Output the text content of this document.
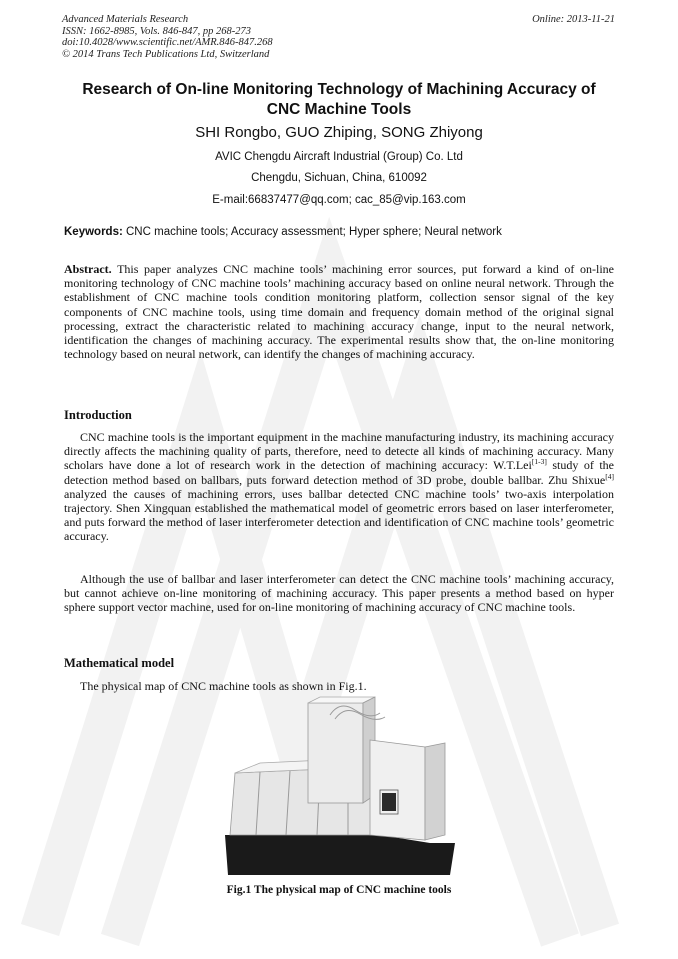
Advanced Materials Research
ISSN: 1662-8985, Vols. 846-847, pp 268-273
doi:10.4028/www.scientific.net/AMR.846-847.268
© 2014 Trans Tech Publications Ltd, Switzerland
Online: 2013-11-21
Research of On-line Monitoring Technology of Machining Accuracy of
CNC Machine Tools
SHI Rongbo, GUO Zhiping, SONG Zhiyong
AVIC Chengdu Aircraft Industrial (Group) Co. Ltd
Chengdu, Sichuan, China, 610092
E-mail:66837477@qq.com; cac_85@vip.163.com
Keywords: CNC machine tools; Accuracy assessment; Hyper sphere; Neural network
Abstract. This paper analyzes CNC machine tools’ machining error sources, put forward a kind of on-line monitoring technology of CNC machine tools’ machining accuracy based on online neural network. Through the establishment of CNC machine tools condition monitoring platform, collection sensor signal of the key components of CNC machine tools, using time domain and frequency domain method of the original signal processing, extract the characteristic related to machining accuracy change, input to the neural network, identification the changes of machining accuracy. The experimental results show that, the on-line monitoring technology based on neural network, can identify the changes of machining accuracy.
Introduction
CNC machine tools is the important equipment in the machine manufacturing industry, its machining accuracy directly affects the machining quality of parts, therefore, need to detecte all kinds of machining accuracy. Many scholars have done a lot of research work in the detection of machining accuracy: W.T.Lei[1-3] study of the detection method based on ballbars, puts forward detection method of 3D probe, double ballbar. Zhu Shixue[4] analyzed the causes of machining errors, uses ballbar detected CNC machine tools’ two-axis interpolation trajectory. Shen Xingquan established the mathematical model of geometric errors based on laser interferometer, and puts forward the method of laser interferometer detection and identification of CNC machine tools’ geometric accuracy.
Although the use of ballbar and laser interferometer can detect the CNC machine tools’ machining accuracy, but cannot achieve on-line monitoring of machining accuracy. This paper presents a method based on hyper sphere support vector machine, used for on-line monitoring of machining accuracy of CNC machine tools.
Mathematical model
The physical map of CNC machine tools as shown in Fig.1.
Fig.1 The physical map of CNC machine tools
